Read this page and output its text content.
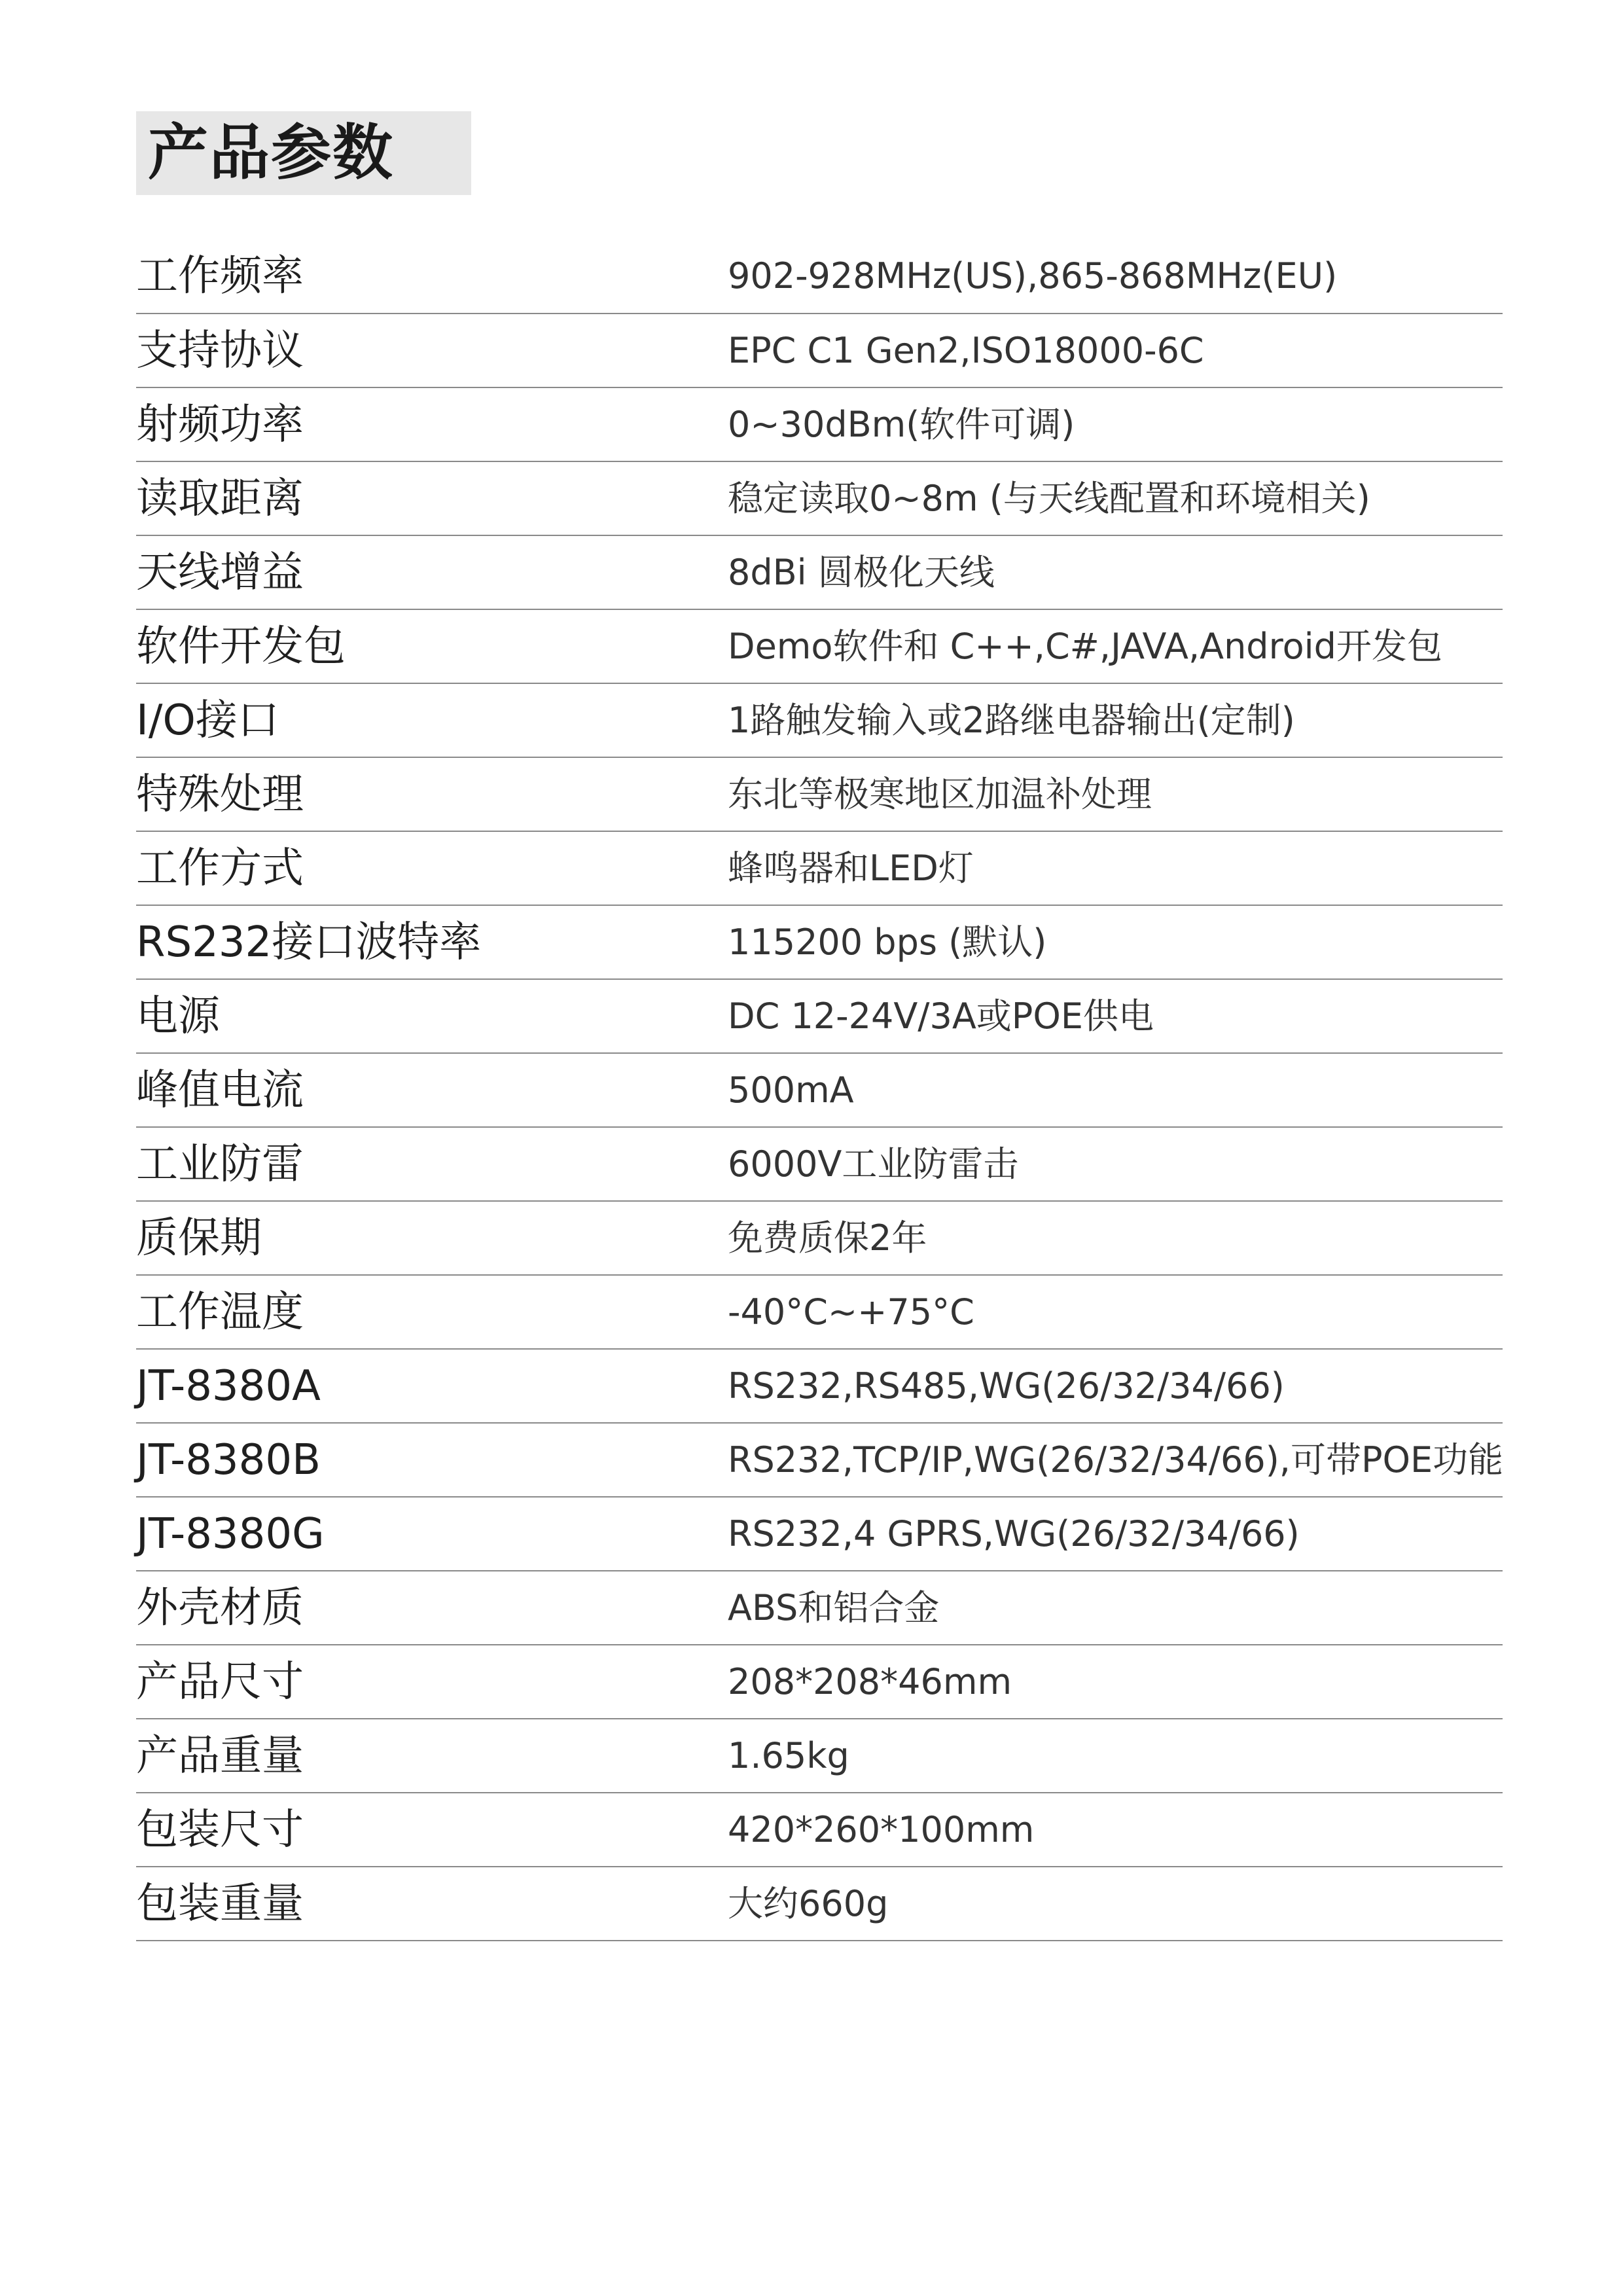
产品参数
工作频率	902-928MHz(US),865-868MHz(EU)
支持协议	EPC C1 Gen2,ISO18000-6C
射频功率	0~30dBm(软件可调)
读取距离	稳定读取0~8m (与天线配置和环境相关)
天线增益	8dBi 圆极化天线
软件开发包	Demo软件和 C++,C#,JAVA,Android开发包
I/O接口	1路触发输入或2路继电器输出(定制)
特殊处理	东北等极寒地区加温补处理
工作方式	蜂鸣器和LED灯
RS232接口波特率	115200 bps (默认)
电源	DC 12-24V/3A或POE供电
峰值电流	500mA
工业防雷	6000V工业防雷击
质保期	免费质保2年
工作温度	-40°C~+75°C
JT-8380A	RS232,RS485,WG(26/32/34/66)
JT-8380B	RS232,TCP/IP,WG(26/32/34/66),可带POE功能
JT-8380G	RS232,4 GPRS,WG(26/32/34/66)
外壳材质	ABS和铝合金
产品尺寸	208*208*46mm
产品重量	1.65kg
包装尺寸	420*260*100mm
包装重量	大约660g
